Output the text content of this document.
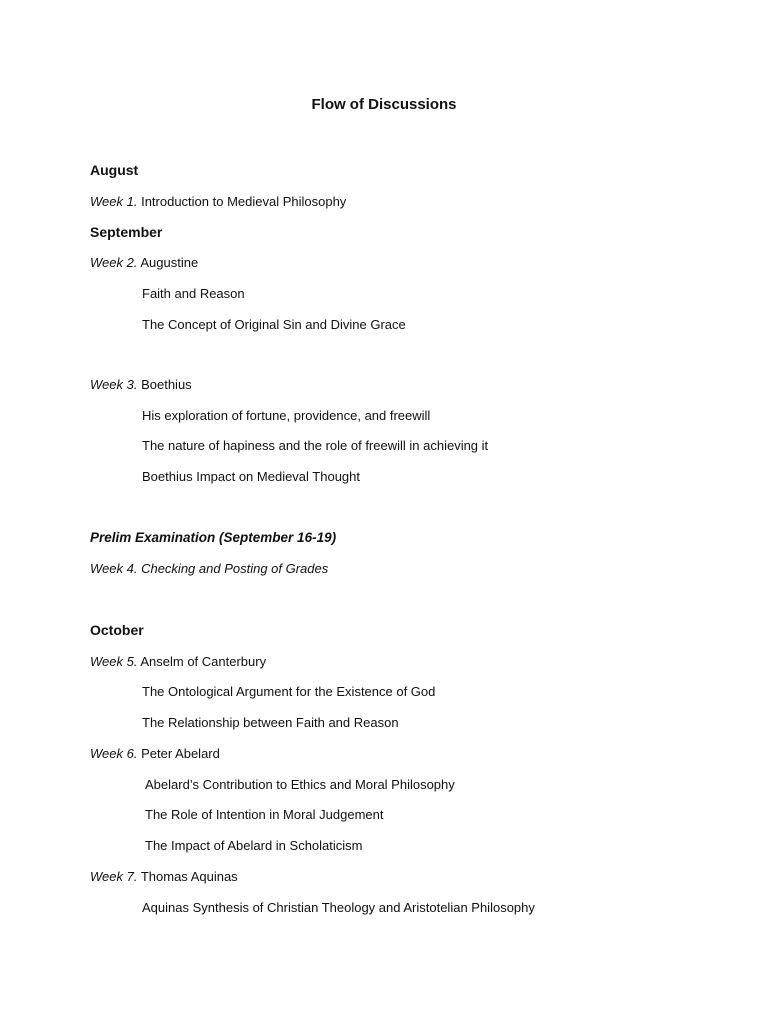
Flow of Discussions
August
Week 1. Introduction to Medieval Philosophy
September
Week 2. Augustine
Faith and Reason
The Concept of Original Sin and Divine Grace
Week 3. Boethius
His exploration of fortune, providence, and freewill
The nature of hapiness and the role of freewill in achieving it
Boethius Impact on Medieval Thought
Prelim Examination (September 16-19)
Week 4. Checking and Posting of Grades
October
Week 5. Anselm of Canterbury
The Ontological Argument for the Existence of God
The Relationship between Faith and Reason
Week 6. Peter Abelard
Abelard’s Contribution to Ethics and Moral Philosophy
The Role of Intention in Moral Judgement
The Impact of Abelard in Scholaticism
Week 7. Thomas Aquinas
Aquinas Synthesis of Christian Theology and Aristotelian Philosophy
